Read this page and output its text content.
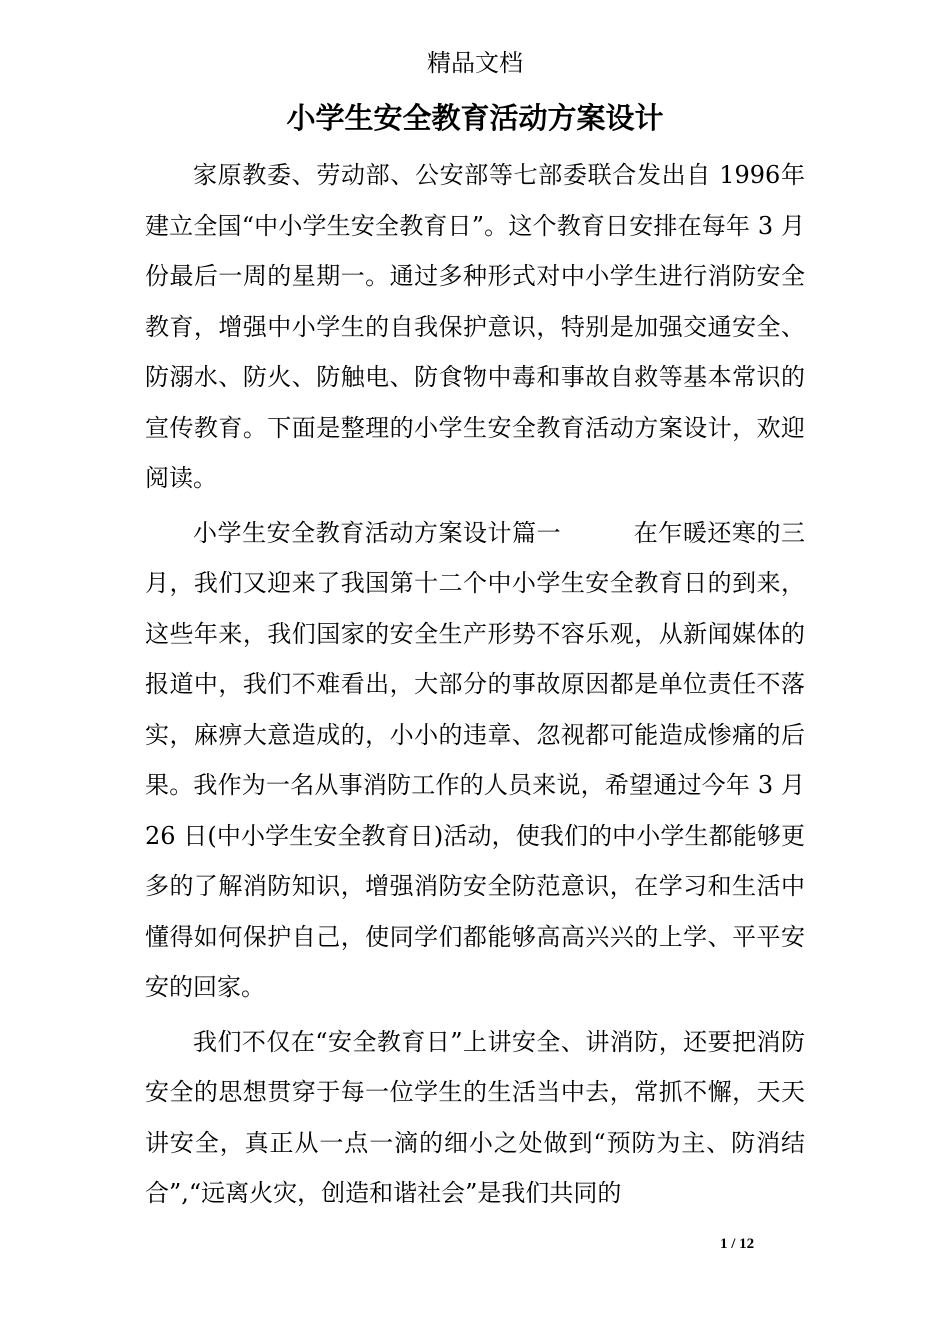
精品文档
小学生安全教育活动方案设计

家原教委、劳动部、公安部等七部委联合发出自 1996年建立全国“中小学生安全教育日”。这个教育日安排在每年 3 月份最后一周的星期一。通过多种形式对中小学生进行消防安全教育，增强中小学生的自我保护意识，特别是加强交通安全、防溺水、防火、防触电、防食物中毒和事故自救等基本常识的宣传教育。下面是整理的小学生安全教育活动方案设计，欢迎阅读。

小学生安全教育活动方案设计篇一	在乍暖还寒的三月，我们又迎来了我国第十二个中小学生安全教育日的到来，这些年来，我们国家的安全生产形势不容乐观，从新闻媒体的报道中，我们不难看出，大部分的事故原因都是单位责任不落实，麻痹大意造成的，小小的违章、忽视都可能造成惨痛的后果。我作为一名从事消防工作的人员来说，希望通过今年 3 月 26 日(中小学生安全教育日)活动，使我们的中小学生都能够更多的了解消防知识，增强消防安全防范意识，在学习和生活中懂得如何保护自己，使同学们都能够高高兴兴的上学、平平安安的回家。

我们不仅在“安全教育日”上讲安全、讲消防，还要把消防安全的思想贯穿于每一位学生的生活当中去，常抓不懈，天天讲安全，真正从一点一滴的细小之处做到“预防为主、防消结合”,“远离火灾，创造和谐社会”是我们共同的

1 / 12
